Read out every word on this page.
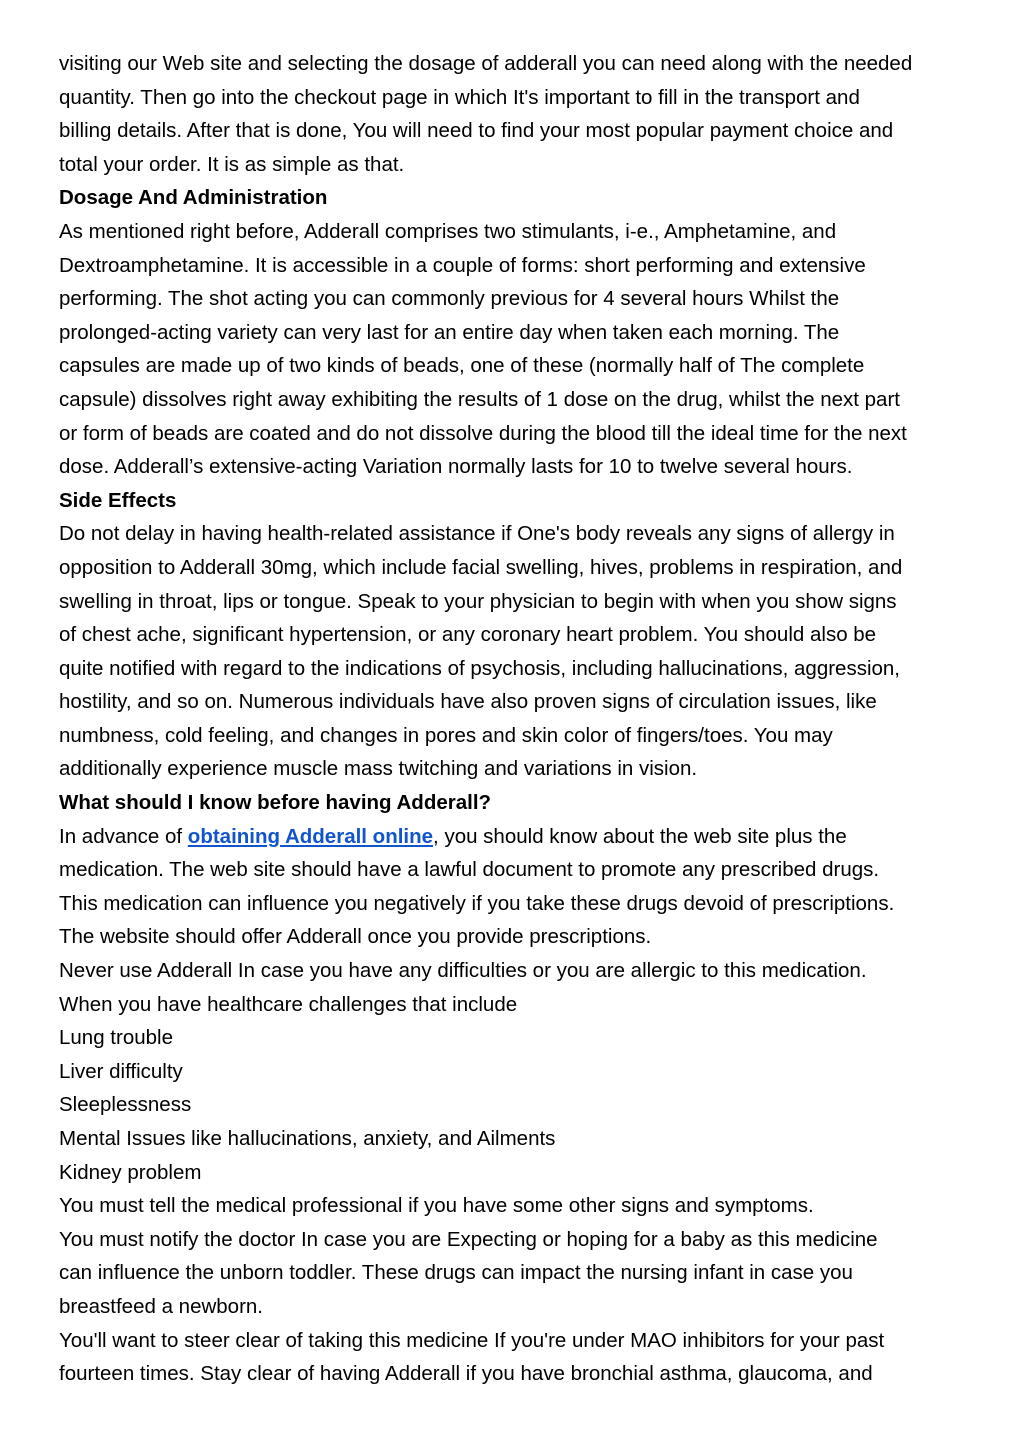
visiting our Web site and selecting the dosage of adderall you can need along with the needed

quantity. Then go into the checkout page in which It's important to fill in the transport and

billing details. After that is done, You will need to find your most popular payment choice and

total your order. It is as simple as that.

Dosage And Administration

As mentioned right before, Adderall comprises two stimulants, i-e., Amphetamine, and

Dextroamphetamine. It is accessible in a couple of forms: short performing and extensive

performing. The shot acting you can commonly previous for 4 several hours Whilst the

prolonged-acting variety can very last for an entire day when taken each morning. The

capsules are made up of two kinds of beads, one of these (normally half of The complete

capsule) dissolves right away exhibiting the results of 1 dose on the drug, whilst the next part

or form of beads are coated and do not dissolve during the blood till the ideal time for the next

dose. Adderall’s extensive-acting Variation normally lasts for 10 to twelve several hours.

Side Effects

Do not delay in having health-related assistance if One's body reveals any signs of allergy in

opposition to Adderall 30mg, which include facial swelling, hives, problems in respiration, and

swelling in throat, lips or tongue. Speak to your physician to begin with when you show signs

of chest ache, significant hypertension, or any coronary heart problem. You should also be

quite notified with regard to the indications of psychosis, including hallucinations, aggression,

hostility, and so on. Numerous individuals have also proven signs of circulation issues, like

numbness, cold feeling, and changes in pores and skin color of fingers/toes. You may

additionally experience muscle mass twitching and variations in vision.

What should I know before having Adderall?

In advance of obtaining Adderall online, you should know about the web site plus the

medication. The web site should have a lawful document to promote any prescribed drugs.

This medication can influence you negatively if you take these drugs devoid of prescriptions.

The website should offer Adderall once you provide prescriptions.

Never use Adderall In case you have any difficulties or you are allergic to this medication.

When you have healthcare challenges that include

Lung trouble

Liver difficulty

Sleeplessness

Mental Issues like hallucinations, anxiety, and Ailments

Kidney problem

You must tell the medical professional if you have some other signs and symptoms.

You must notify the doctor In case you are Expecting or hoping for a baby as this medicine

can influence the unborn toddler. These drugs can impact the nursing infant in case you

breastfeed a newborn.

You'll want to steer clear of taking this medicine If you're under MAO inhibitors for your past

fourteen times. Stay clear of having Adderall if you have bronchial asthma, glaucoma, and
